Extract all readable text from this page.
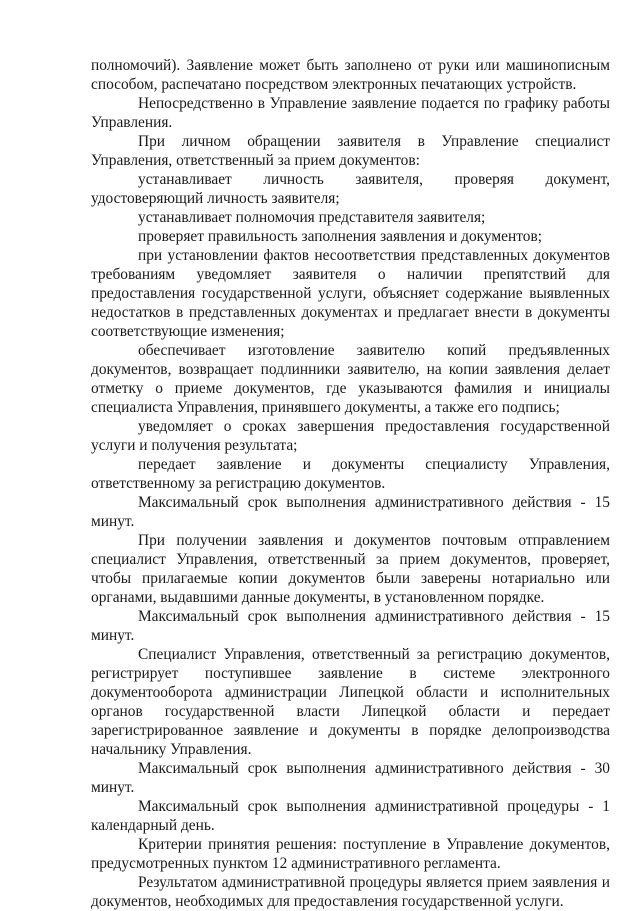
полномочий). Заявление может быть заполнено от руки или машинописным способом, распечатано посредством электронных печатающих устройств.

Непосредственно в Управление заявление подается по графику работы Управления.

При личном обращении заявителя в Управление специалист Управления, ответственный за прием документов:

устанавливает личность заявителя, проверяя документ, удостоверяющий личность заявителя;

устанавливает полномочия представителя заявителя;

проверяет правильность заполнения заявления и документов;

при установлении фактов несоответствия представленных документов требованиям уведомляет заявителя о наличии препятствий для предоставления государственной услуги, объясняет содержание выявленных недостатков в представленных документах и предлагает внести в документы соответствующие изменения;

обеспечивает изготовление заявителю копий предъявленных документов, возвращает подлинники заявителю, на копии заявления делает отметку о приеме документов, где указываются фамилия и инициалы специалиста Управления, принявшего документы, а также его подпись;

уведомляет о сроках завершения предоставления государственной услуги и получения результата;

передает заявление и документы специалисту Управления, ответственному за регистрацию документов.

Максимальный срок выполнения административного действия - 15 минут.

При получении заявления и документов почтовым отправлением специалист Управления, ответственный за прием документов, проверяет, чтобы прилагаемые копии документов были заверены нотариально или органами, выдавшими данные документы, в установленном порядке.

Максимальный срок выполнения административного действия - 15 минут.

Специалист Управления, ответственный за регистрацию документов, регистрирует поступившее заявление в системе электронного документооборота администрации Липецкой области и исполнительных органов государственной власти Липецкой области и передает зарегистрированное заявление и документы в порядке делопроизводства начальнику Управления.

Максимальный срок выполнения административного действия - 30 минут.

Максимальный срок выполнения административной процедуры - 1 календарный день.

Критерии принятия решения: поступление в Управление документов, предусмотренных пунктом 12 административного регламента.

Результатом административной процедуры является прием заявления и документов, необходимых для предоставления государственной услуги.
